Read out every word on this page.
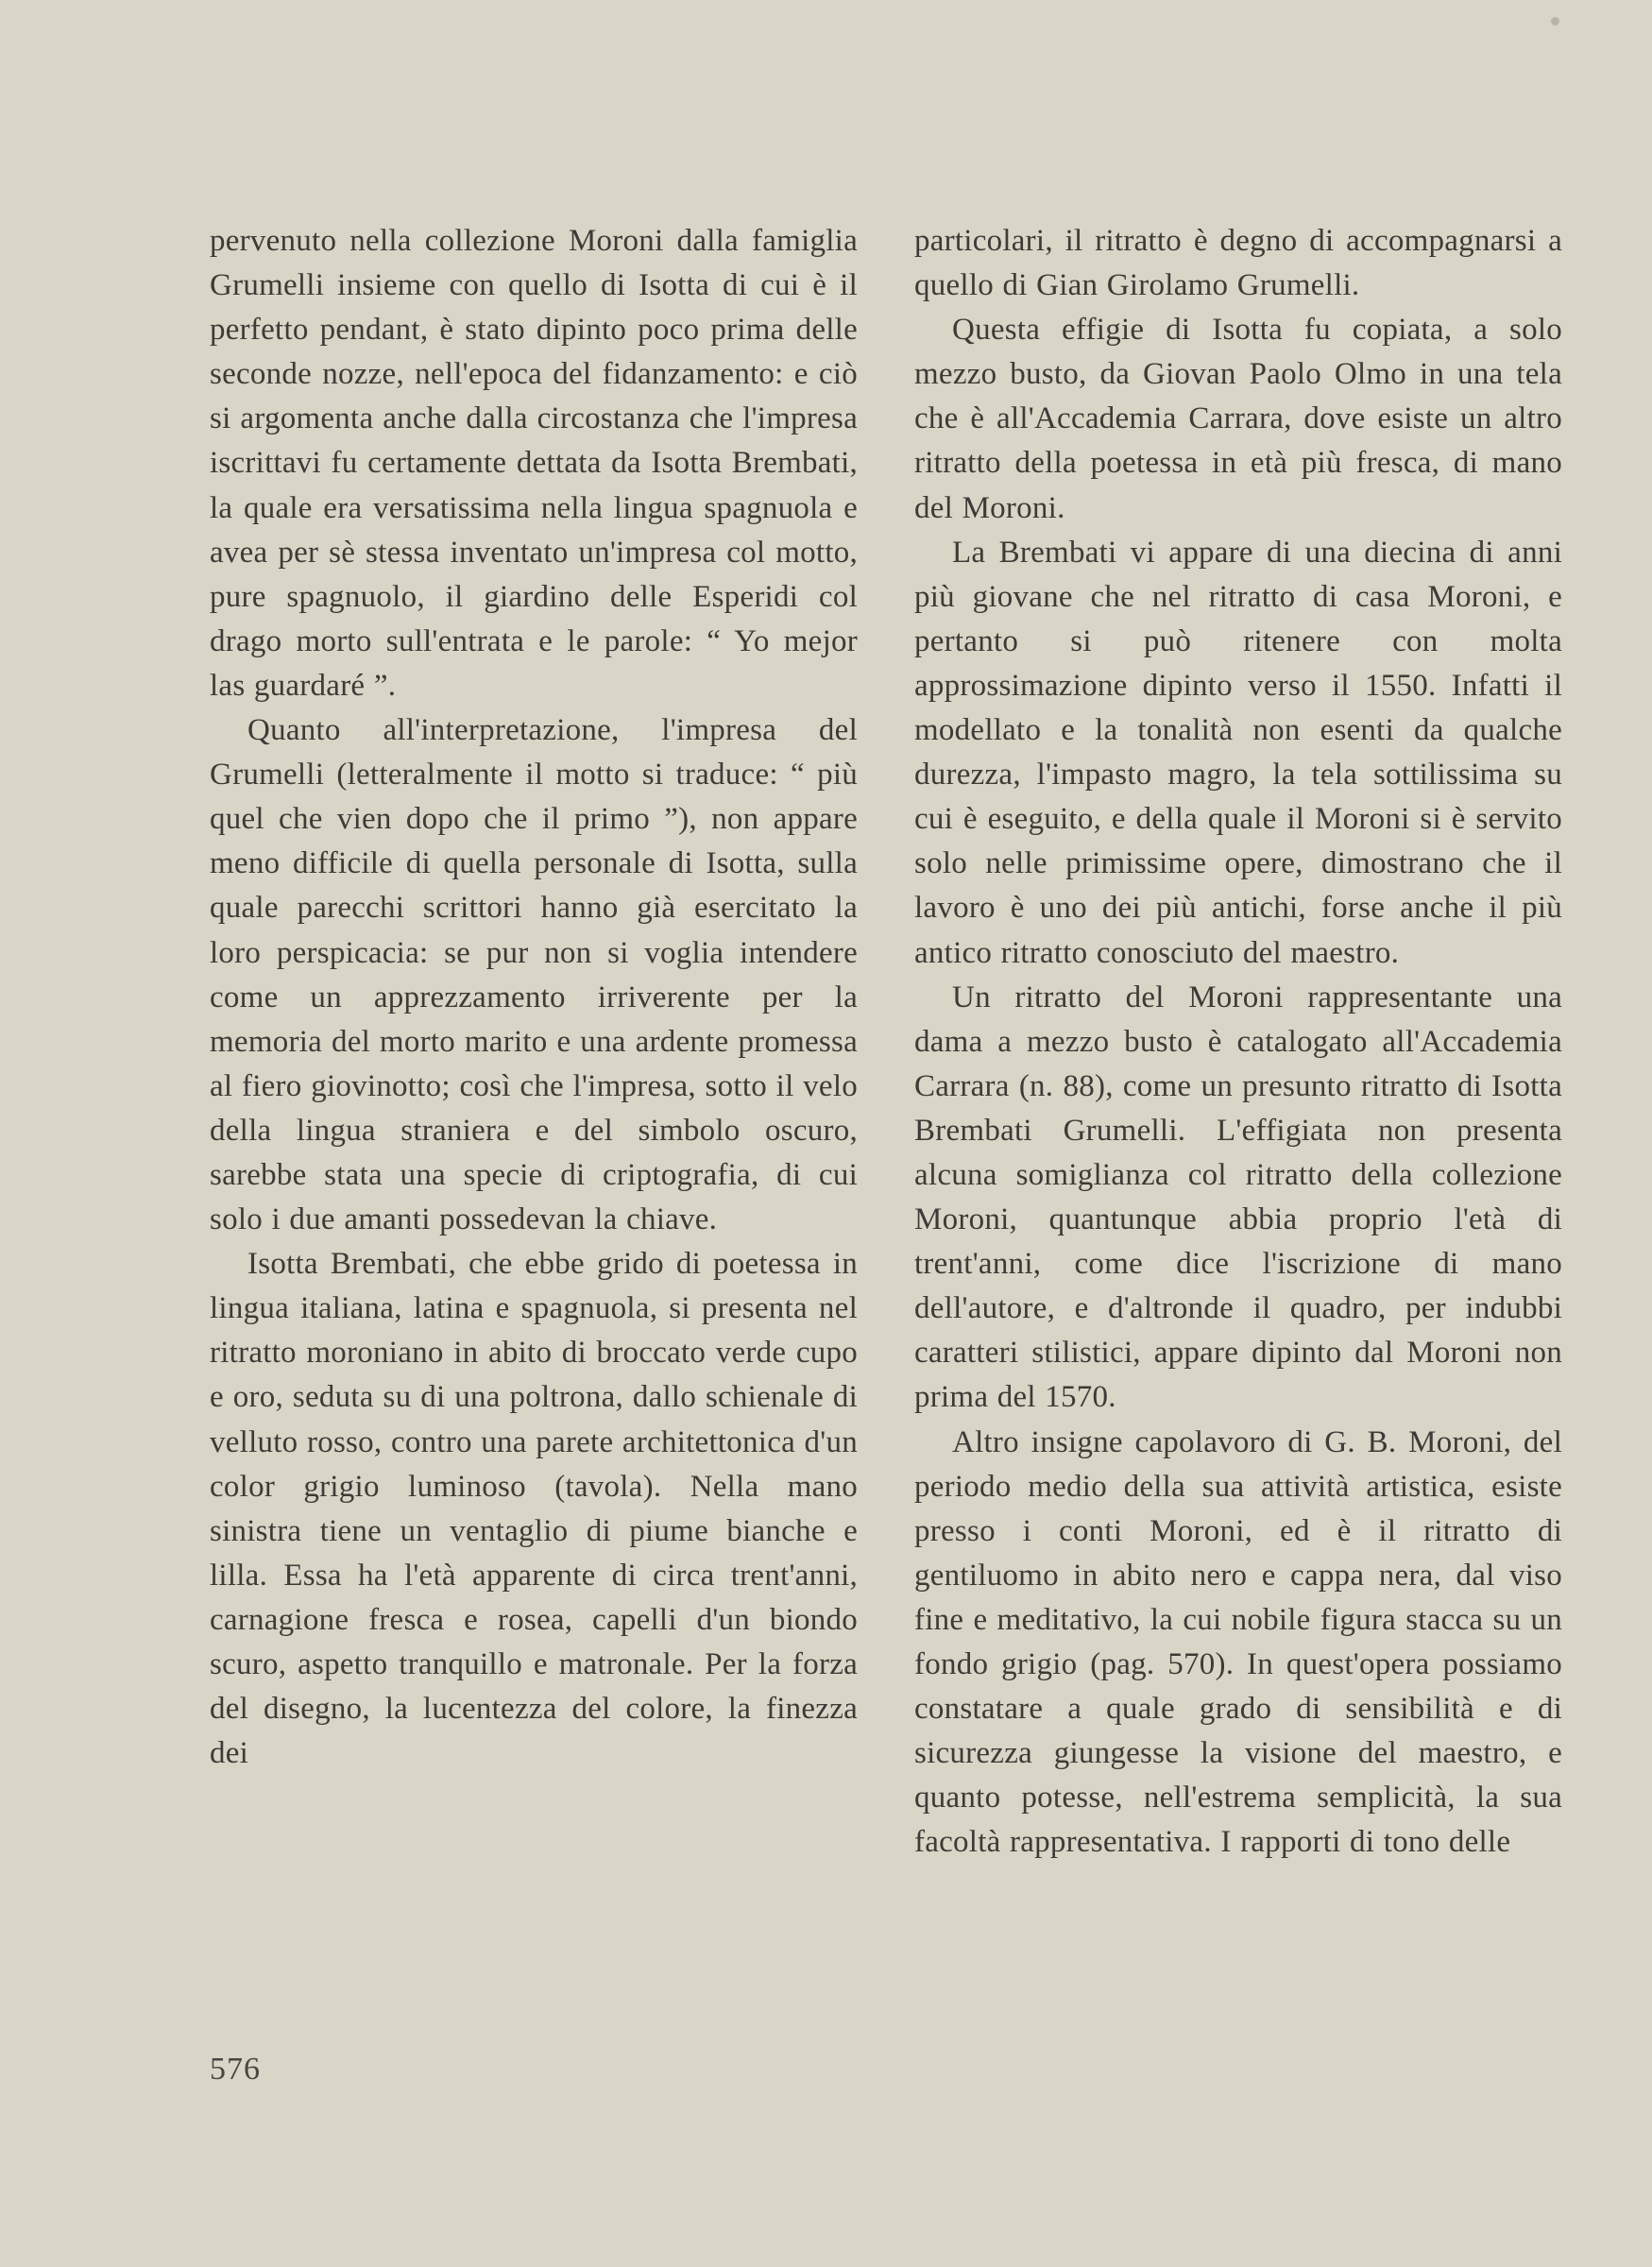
pervenuto nella collezione Moroni dalla famiglia Grumelli insieme con quello di Isotta di cui è il perfetto pendant, è stato dipinto poco prima delle seconde nozze, nell'epoca del fidanzamento: e ciò si argomenta anche dalla circostanza che l'impresa iscrittavi fu certamente dettata da Isotta Brembati, la quale era versatissima nella lingua spagnuola e avea per sè stessa inventato un'impresa col motto, pure spagnuolo, il giardino delle Esperidi col drago morto sull'entrata e le parole: “ Yo mejor las guardaré ”.

Quanto all'interpretazione, l'impresa del Grumelli (letteralmente il motto si traduce: “ più quel che vien dopo che il primo ”), non appare meno difficile di quella personale di Isotta, sulla quale parecchi scrittori hanno già esercitato la loro perspicacia: se pur non si voglia intendere come un apprezzamento irriverente per la memoria del morto marito e una ardente promessa al fiero giovinotto; così che l'impresa, sotto il velo della lingua straniera e del simbolo oscuro, sarebbe stata una specie di criptografia, di cui solo i due amanti possedevan la chiave.

Isotta Brembati, che ebbe grido di poetessa in lingua italiana, latina e spagnuola, si presenta nel ritratto moroniano in abito di broccato verde cupo e oro, seduta su di una poltrona, dallo schienale di velluto rosso, contro una parete architettonica d'un color grigio luminoso (tavola). Nella mano sinistra tiene un ventaglio di piume bianche e lilla. Essa ha l'età apparente di circa trent'anni, carnagione fresca e rosea, capelli d'un biondo scuro, aspetto tranquillo e matronale. Per la forza del disegno, la lucentezza del colore, la finezza dei

particolari, il ritratto è degno di accompagnarsi a quello di Gian Girolamo Grumelli.

Questa effigie di Isotta fu copiata, a solo mezzo busto, da Giovan Paolo Olmo in una tela che è all'Accademia Carrara, dove esiste un altro ritratto della poetessa in età più fresca, di mano del Moroni.

La Brembati vi appare di una diecina di anni più giovane che nel ritratto di casa Moroni, e pertanto si può ritenere con molta approssimazione dipinto verso il 1550. Infatti il modellato e la tonalità non esenti da qualche durezza, l'impasto magro, la tela sottilissima su cui è eseguito, e della quale il Moroni si è servito solo nelle primissime opere, dimostrano che il lavoro è uno dei più antichi, forse anche il più antico ritratto conosciuto del maestro.

Un ritratto del Moroni rappresentante una dama a mezzo busto è catalogato all'Accademia Carrara (n. 88), come un presunto ritratto di Isotta Brembati Grumelli. L'effigiata non presenta alcuna somiglianza col ritratto della collezione Moroni, quantunque abbia proprio l'età di trent'anni, come dice l'iscrizione di mano dell'autore, e d'altronde il quadro, per indubbi caratteri stilistici, appare dipinto dal Moroni non prima del 1570.

Altro insigne capolavoro di G. B. Moroni, del periodo medio della sua attività artistica, esiste presso i conti Moroni, ed è il ritratto di gentiluomo in abito nero e cappa nera, dal viso fine e meditativo, la cui nobile figura stacca su un fondo grigio (pag. 570). In quest'opera possiamo constatare a quale grado di sensibilità e di sicurezza giungesse la visione del maestro, e quanto potesse, nell'estrema semplicità, la sua facoltà rappresentativa. I rapporti di tono delle

576
